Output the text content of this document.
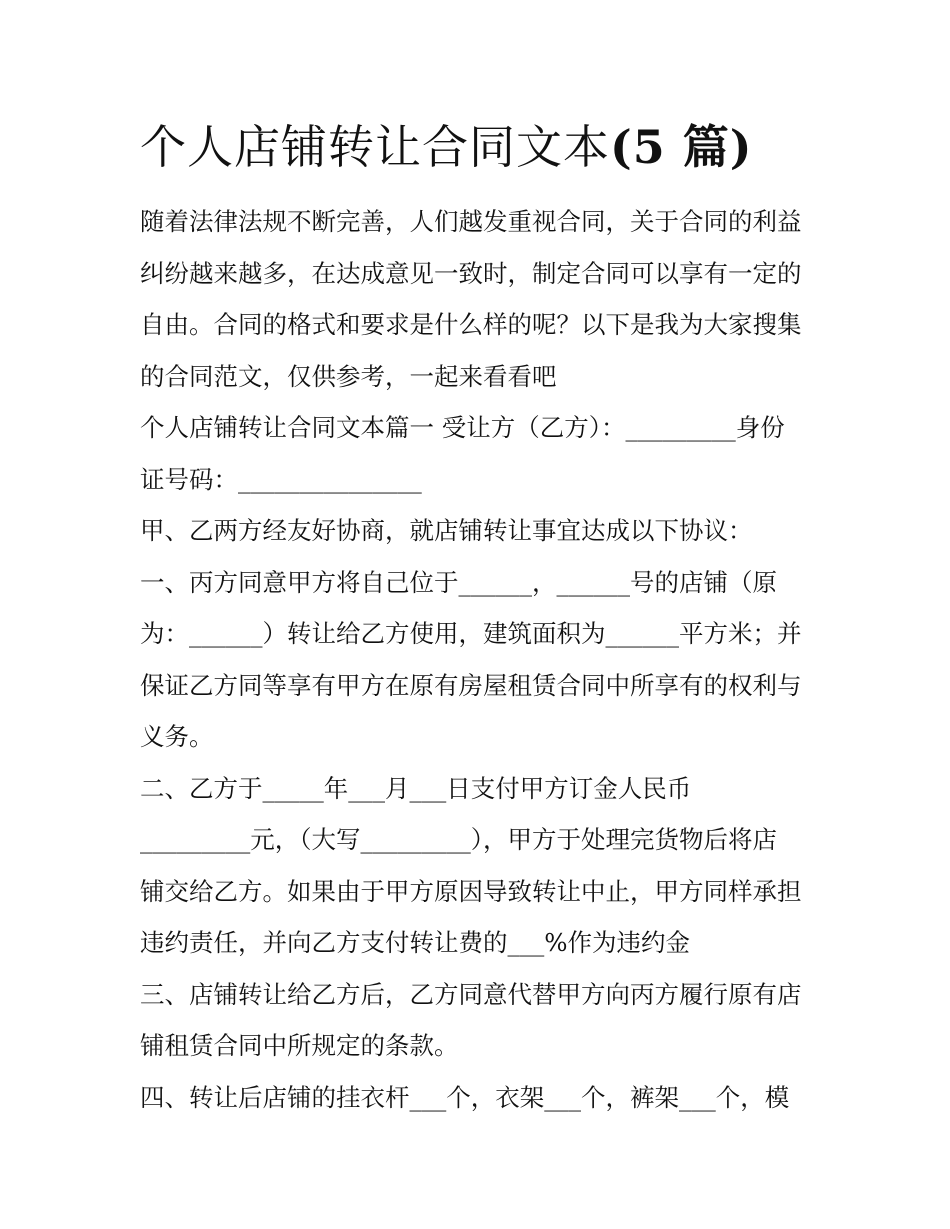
个人店铺转让合同文本(5 篇)
随着法律法规不断完善，人们越发重视合同，关于合同的利益
纠纷越来越多，在达成意见一致时，制定合同可以享有一定的
自由。合同的格式和要求是什么样的呢？以下是我为大家搜集
的合同范文，仅供参考，一起来看看吧
个人店铺转让合同文本篇一 受让方（乙方）：_________身份
证号码：_______________
甲、乙两方经友好协商，就店铺转让事宜达成以下协议：
一、丙方同意甲方将自己位于______，______号的店铺（原
为：______）转让给乙方使用，建筑面积为______平方米；并
保证乙方同等享有甲方在原有房屋租赁合同中所享有的权利与
义务。
二、乙方于_____年___月___日支付甲方订金人民币
_________元，（大写_________），甲方于处理完货物后将店
铺交给乙方。如果由于甲方原因导致转让中止，甲方同样承担
违约责任，并向乙方支付转让费的___%作为违约金
三、店铺转让给乙方后，乙方同意代替甲方向丙方履行原有店
铺租赁合同中所规定的条款。
四、转让后店铺的挂衣杆___个，衣架___个，裤架___个，模
